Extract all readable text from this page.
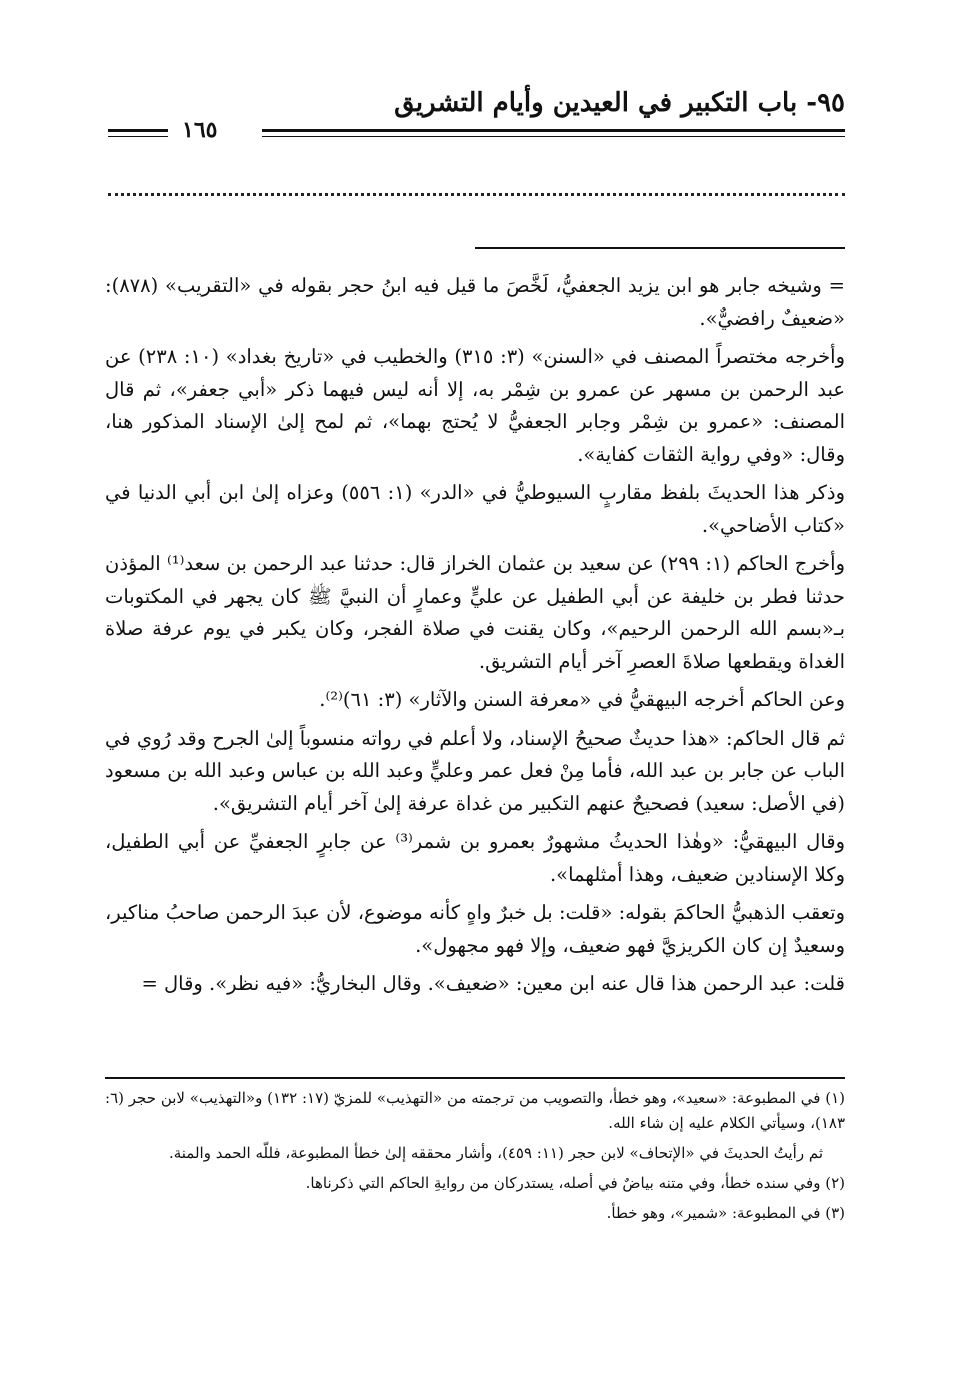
٩٥- باب التكبير في العيدين وأيام التشريق
١٦٥

= وشيخه جابر هو ابن يزيد الجعفيُّ، لَخَّصَ ما قيل فيه ابنُ حجر بقوله في «التقريب» (٨٧٨): «ضعيفٌ رافضيٌّ».

وأخرجه مختصراً المصنف في «السنن» (٣: ٣١٥) والخطيب في «تاريخ بغداد» (١٠: ٢٣٨) عن عبد الرحمن بن مسهر عن عمرو بن شِمْر به، إلا أنه ليس فيهما ذكر «أبي جعفر»، ثم قال المصنف: «عمرو بن شِمْر وجابر الجعفيُّ لا يُحتج بهما»، ثم لمح إلىٰ الإسناد المذكور هنا، وقال: «وفي رواية الثقات كفاية».

وذكر هذا الحديثَ بلفظ مقاربٍ السيوطيُّ في «الدر» (١: ٥٥٦) وعزاه إلىٰ ابن أبي الدنيا في «كتاب الأضاحي».

وأخرج الحاكم (١: ٢٩٩) عن سعيد بن عثمان الخراز قال: حدثنا عبد الرحمن بن سعد⁽¹⁾ المؤذن حدثنا فطر بن خليفة عن أبي الطفيل عن عليٍّ وعمارٍ أن النبيَّ ﷺ كان يجهر في المكتوبات بـ«بسم الله الرحمن الرحيم»، وكان يقنت في صلاة الفجر، وكان يكبر في يوم عرفة صلاة الغداة ويقطعها صلاةَ العصرِ آخر أيام التشريق.

وعن الحاكم أخرجه البيهقيُّ في «معرفة السنن والآثار» (٣: ٦١)⁽²⁾.

ثم قال الحاكم: «هذا حديثٌ صحيحُ الإسناد، ولا أعلم في رواته منسوباً إلىٰ الجرح وقد رُوي في الباب عن جابر بن عبد الله، فأما مِنْ فعل عمر وعليٍّ وعبد الله بن عباس وعبد الله بن مسعود (في الأصل: سعيد) فصحيحٌ عنهم التكبير من غداة عرفة إلىٰ آخر أيام التشريق».

وقال البيهقيُّ: «وهٰذا الحديثُ مشهورٌ بعمرو بن شمر⁽³⁾ عن جابرٍ الجعفيِّ عن أبي الطفيل، وكلا الإسنادين ضعيف، وهذا أمثلهما».

وتعقب الذهبيُّ الحاكمَ بقوله: «قلت: بل خبرٌ واهٍ كأنه موضوع، لأن عبدَ الرحمن صاحبُ مناكير، وسعيدٌ إن كان الكريزيَّ فهو ضعيف، وإلا فهو مجهول».

قلت: عبد الرحمن هذا قال عنه ابن معين: «ضعيف». وقال البخاريُّ: «فيه نظر». وقال =

(١) في المطبوعة: «سعيد»، وهو خطأ، والتصويب من ترجمته من «التهذيب» للمزيّ (١٧: ١٣٢) و«التهذيب» لابن حجر (٦: ١٨٣)، وسيأتي الكلام عليه إن شاء الله.

ثم رأيتُ الحديثَ في «الإتحاف» لابن حجر (١١: ٤٥٩)، وأشار محققه إلىٰ خطأ المطبوعة، فللّه الحمد والمنة.

(٢) وفي سنده خطأ، وفي متنه بياضٌ في أصله، يستدركان من روايةِ الحاكم التي ذكرناها.

(٣) في المطبوعة: «شمير»، وهو خطأ.
